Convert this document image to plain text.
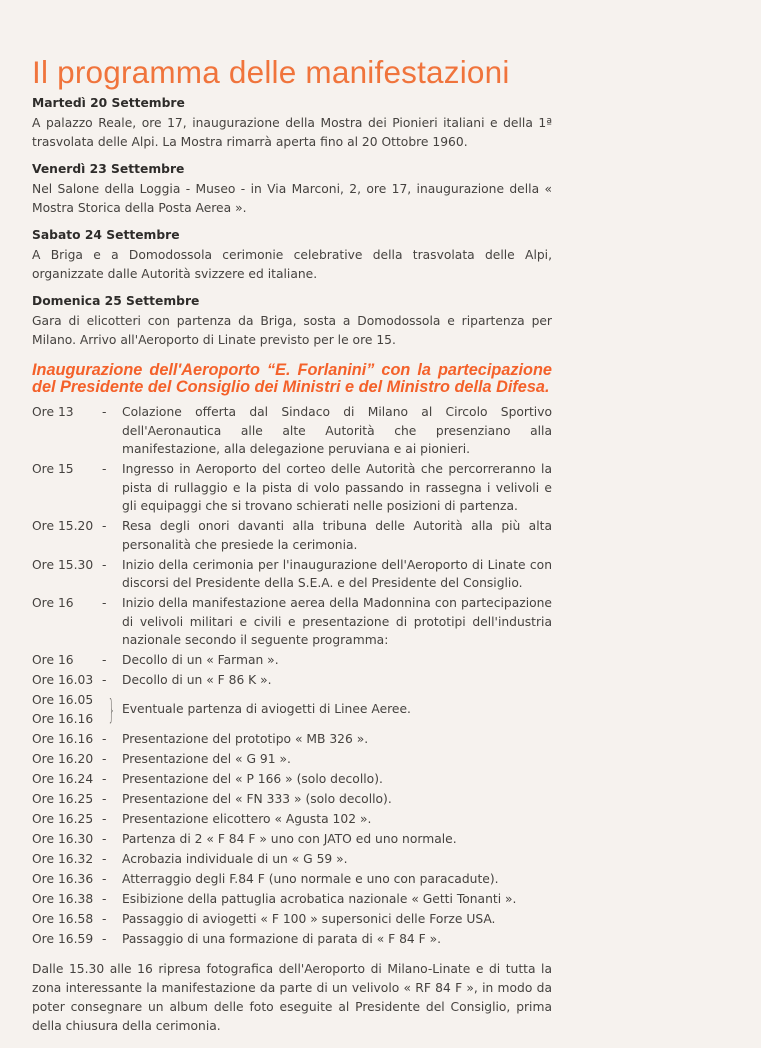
Il programma delle manifestazioni
Martedì 20 Settembre

A palazzo Reale, ore 17, inaugurazione della Mostra dei Pionieri italiani e della 1ª trasvolata delle Alpi. La Mostra rimarrà aperta fino al 20 Ottobre 1960.

Venerdì 23 Settembre

Nel Salone della Loggia - Museo - in Via Marconi, 2, ore 17, inaugurazione della « Mostra Storica della Posta Aerea ».

Sabato 24 Settembre

A Briga e a Domodossola cerimonie celebrative della trasvolata delle Alpi, organizzate dalle Autorità svizzere ed italiane.

Domenica 25 Settembre

Gara di elicotteri con partenza da Briga, sosta a Domodossola e ripartenza per Milano. Arrivo all'Aeroporto di Linate previsto per le ore 15.

Inaugurazione dell'Aeroporto “E. Forlanini” con la partecipazione del Presidente del Consiglio dei Ministri e del Ministro della Difesa.
Ore 13	-	Colazione offerta dal Sindaco di Milano al Circolo Sportivo dell'Aeronautica alle alte Autorità che presenziano alla manifestazione, alla delegazione peruviana e ai pionieri.
Ore 15	-	Ingresso in Aeroporto del corteo delle Autorità che percorreranno la pista di rullaggio e la pista di volo passando in rassegna i velivoli e gli equipaggi che si trovano schierati nelle posizioni di partenza.
Ore 15.20 -	Resa degli onori davanti alla tribuna delle Autorità alla più alta personalità che presiede la cerimonia.
Ore 15.30 -	Inizio della cerimonia per l'inaugurazione dell'Aeroporto di Linate con discorsi del Presidente della S.E.A. e del Presidente del Consiglio.
Ore 16	-	Inizio della manifestazione aerea della Madonnina con partecipazione di velivoli militari e civili e presentazione di prototipi dell'industria nazionale secondo il seguente programma:
Ore 16	-	Decollo di un « Farman ».
Ore 16.03 -	Decollo di un « F 86 K ».
Ore 16.05
Ore 16.16 } Eventuale partenza di aviogetti di Linee Aeree.
Ore 16.16 -	Presentazione del prototipo « MB 326 ».
Ore 16.20 -	Presentazione del « G 91 ».
Ore 16.24 -	Presentazione del « P 166 » (solo decollo).
Ore 16.25 -	Presentazione del « FN 333 » (solo decollo).
Ore 16.25 -	Presentazione elicottero « Agusta 102 ».
Ore 16.30 -	Partenza di 2 « F 84 F » uno con JATO ed uno normale.
Ore 16.32 -	Acrobazia individuale di un « G 59 ».
Ore 16.36 -	Atterraggio degli F.84 F (uno normale e uno con paracadute).
Ore 16.38 -	Esibizione della pattuglia acrobatica nazionale « Getti Tonanti ».
Ore 16.58 -	Passaggio di aviogetti « F 100 » supersonici delle Forze USA.
Ore 16.59 -	Passaggio di una formazione di parata di « F 84 F ».

Dalle 15.30 alle 16 ripresa fotografica dell'Aeroporto di Milano-Linate e di tutta la zona interessante la manifestazione da parte di un velivolo « RF 84 F », in modo da poter consegnare un album delle foto eseguite al Presidente del Consiglio, prima della chiusura della cerimonia.
